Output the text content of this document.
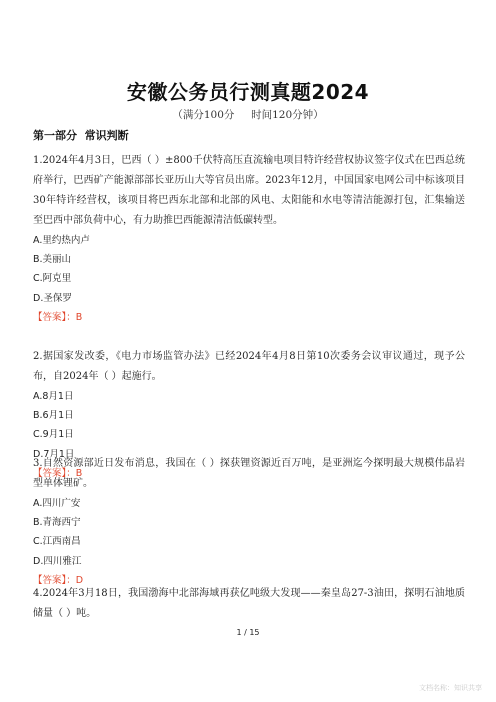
安徽公务员行测真题2024
（满分100分     时间120分钟）
第一部分  常识判断
1.2024年4月3日，巴西（ ）±800千伏特高压直流输电项目特许经营权协议签字仪式在巴西总统府举行，巴西矿产能源部部长亚历山大等官员出席。2023年12月，中国国家电网公司中标该项目30年特许经营权，该项目将巴西东北部和北部的风电、太阳能和水电等清洁能源打包，汇集输送至巴西中部负荷中心，有力助推巴西能源清洁低碳转型。
A.里约热内卢
B.美丽山
C.阿克里
D.圣保罗
【答案】：B
2.据国家发改委，《电力市场监管办法》已经2024年4月8日第10次委务会议审议通过，现予公布，自2024年（ ）起施行。
A.8月1日
B.6月1日
C.9月1日
D.7月1日
【答案】：B
3.自然资源部近日发布消息，我国在（ ）探获锂资源近百万吨，是亚洲迄今探明最大规模伟晶岩型单体锂矿。
A.四川广安
B.青海西宁
C.江西南昌
D.四川雅江
【答案】：D
4.2024年3月18日，我国渤海中北部海域再获亿吨级大发现——秦皇岛27-3油田，探明石油地质储量（ ）吨。
1 / 15
文档名称：知识共享
